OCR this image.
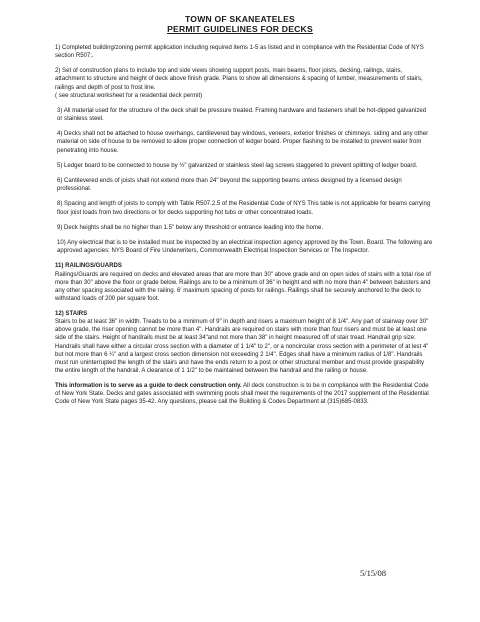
TOWN OF SKANEATELES
PERMIT GUIDELINES FOR DECKS

1) Completed building/zoning permit application including required items 1-5 as listed and in compliance with the Residential Code of NYS section R507;.

2) Set of construction plans to include top and side views showing support posts, main beams, floor joists, decking, railings, stairs, attachment to structure and height of deck above finish grade. Plans to show all dimensions & spacing of lumber, measurements of stairs, railings and depth of post to frost line.
( see structural worksheet for a residential deck permit)

3) All material used for the structure of the deck shall be pressure treated. Framing hardware and fasteners shall be hot-dipped galvanized or stainless steel.

4) Decks shall not be attached to house overhangs, cantilevered bay windows, veneers, exterior finishes or chimneys. siding and any other material on side of house to be removed to allow proper connection of ledger board. Proper flashing to be installed to prevent water from penetrating into house.

5) Ledger board to be connected to house by ½" galvanized or stainless steel lag screws staggered to prevent splitting of ledger board.

6) Cantilevered ends of joists shall not extend more than 24" beyond the supporting beams unless designed by a licensed design professional.

8) Spacing and length of joists to comply with Table R507.2.5 of the Residential Code of NYS This table is not applicable for beams carrying floor joist loads from two directions or for decks supporting hot tubs or other concentrated loads.

9) Deck heights shall be no higher than 1.5" below any threshold or entrance leading into the home.

10) Any electrical that is to be installed must be inspected by an electrical inspection agency approved by the Town. Board. The following are approved agencies: NYS Board of Fire Underwriters, Commonwealth Electrical Inspection Services or The Inspector.

11) RAILINGS/GUARDS
Railings/Guards are required on decks and elevated areas that are more than 30" above grade and on open sides of stairs with a total rise of more than 30" above the floor or grade below. Railings are to be a minimum of 36" in height and with no more than 4" between balusters and any other spacing associated with the railing. 6' maximum spacing of posts for railings. Railings shall be securely anchored to the deck to withstand loads of 200 per square foot.
12) STAIRS
Stairs to be at least 36" in width. Treads to be a minimum of 9" in depth and risers a maximum height of 8 1/4". Any part of stairway over 30" above grade, the riser opening cannot be more than 4". Handrails are required on stairs with more than four risers and must be at least one side of the stairs. Height of handrails must be at least 34"and not more than 38" in height measured off of stair tread. Handrail grip size: Handrails shall have either a circular cross section with a diameter of 1 1/4" to 2", or a noncircular cross section with a perimeter of at lest 4" but not more than 6 ¼" and a largest cross section dimension not exceeding 2 1/4". Edges shall have a minimum radius of 1/8". Handrails must run uninterrupted the length of the stairs and have the ends return to a post or other structural member and must provide graspability the entire length of the handrail. A clearance of 1 1/2" to be maintained between the handrail and the railing or house.

This information is to serve as a guide to deck construction only. All deck construction is to be in compliance with the Residential Code of New York State. Decks and gates associated with swimming pools shall meet the requirements of the 2017 supplement of the Residential Code of New York State pages 35-42. Any questions, please call the Building & Codes Department at (315)685-0833.

5/15/08
